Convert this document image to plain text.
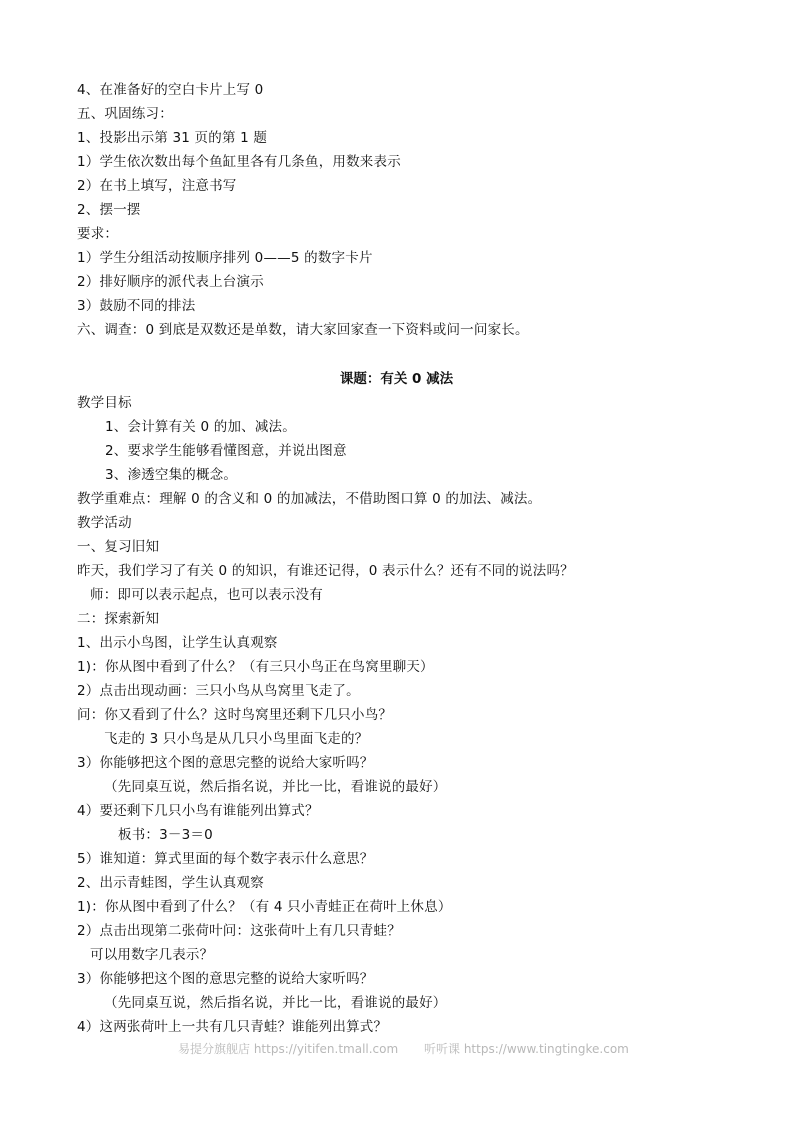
4、在准备好的空白卡片上写 0
五、巩固练习：
1、投影出示第 31 页的第 1 题
1）学生依次数出每个鱼缸里各有几条鱼，用数来表示
2）在书上填写，注意书写
2、摆一摆
要求：
1）学生分组活动按顺序排列 0——5 的数字卡片
2）排好顺序的派代表上台演示
3）鼓励不同的排法
六、调查：0 到底是双数还是单数，请大家回家查一下资料或问一问家长。
课题：有关 0 减法
教学目标
1、会计算有关 0 的加、减法。
2、要求学生能够看懂图意，并说出图意
3、渗透空集的概念。
教学重难点：理解 0 的含义和 0 的加减法，不借助图口算 0 的加法、减法。
教学活动
一、复习旧知
昨天，我们学习了有关 0 的知识，有谁还记得，0 表示什么？还有不同的说法吗？
师：即可以表示起点，也可以表示没有
二：探索新知
1、出示小鸟图，让学生认真观察
1)：你从图中看到了什么？（有三只小鸟正在鸟窝里聊天）
2）点击出现动画：三只小鸟从鸟窝里飞走了。
问：你又看到了什么？这时鸟窝里还剩下几只小鸟？
飞走的 3 只小鸟是从几只小鸟里面飞走的？
3）你能够把这个图的意思完整的说给大家听吗？
（先同桌互说，然后指名说，并比一比，看谁说的最好）
4）要还剩下几只小鸟有谁能列出算式？
板书：3－3＝0
5）谁知道：算式里面的每个数字表示什么意思？
2、出示青蛙图，学生认真观察
1)：你从图中看到了什么？（有 4 只小青蛙正在荷叶上休息）
2）点击出现第二张荷叶问：这张荷叶上有几只青蛙？
可以用数字几表示？
3）你能够把这个图的意思完整的说给大家听吗？
（先同桌互说，然后指名说，并比一比，看谁说的最好）
4）这两张荷叶上一共有几只青蛙？谁能列出算式？
易提分旗舰店 https://yitifen.tmall.com 听听课 https://www.tingtingke.com
